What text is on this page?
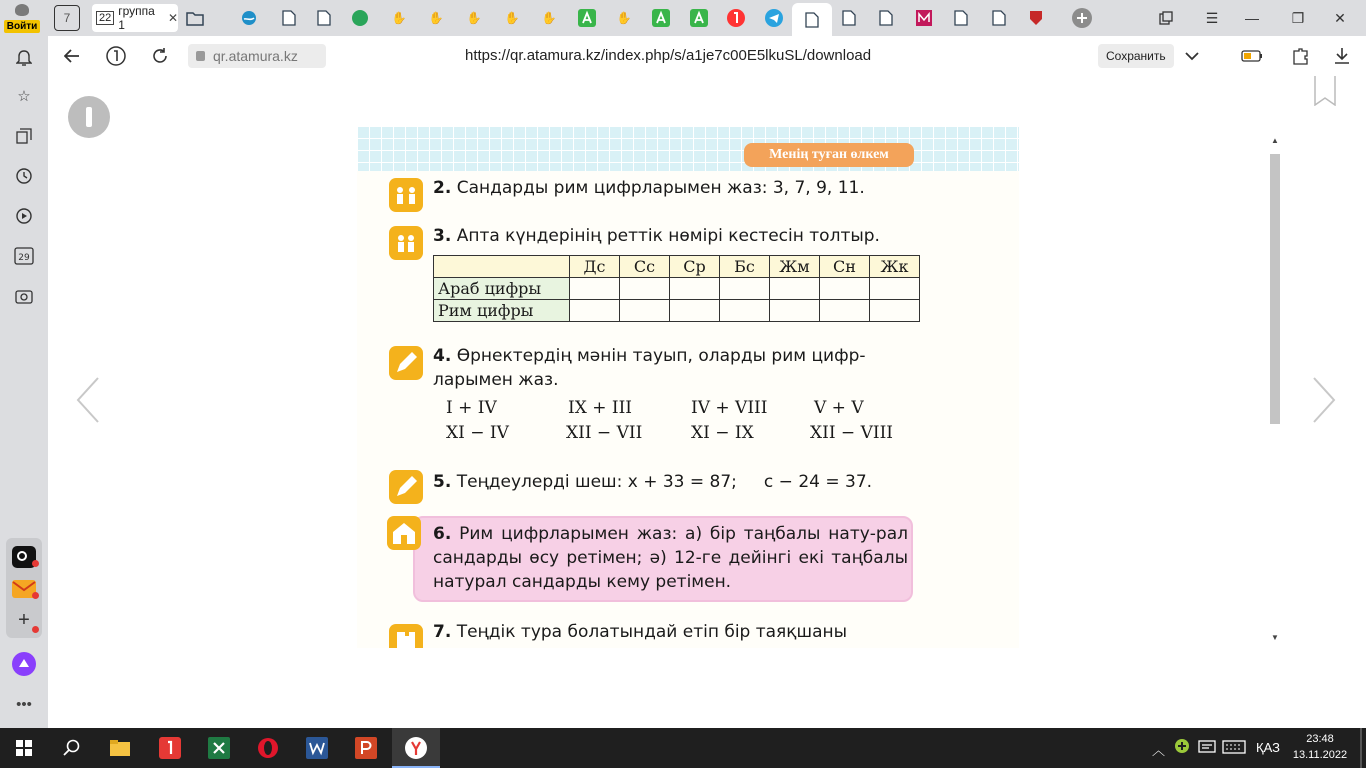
Войти
7	22 группа 1	✕	✋ ✋ ✋ ✋ ✋	✋	☰	—	❐	✕
☆
29
+
•••
qr.atamura.kz	https://qr.atamura.kz/index.php/s/a1je7c00E5lkuSL/download	Сохранить
▲
▼
Менің туған өлкем
2. Сандарды рим цифрларымен жаз: 3, 7, 9, 11.
3. Апта күндерінің реттік нөмірі кестесін толтыр.
	Дс	Сс	Ср	Бс	Жм	Сн	Жк
Араб цифры							
Рим цифры							
4. Өрнектердің мәнін тауып, оларды рим цифр-
ларымен жаз.
I + IV	IX + III	IV + VIII	V + V
XI − IV	XII − VII	XI − IX	XII − VIII
5. Теңдеулерді шеш: x + 33 = 87;     c − 24 = 37.
6. Рим цифрларымен жаз: а) бір таңбалы нату-рал сандарды өсу ретімен; ә) 12-ге дейінгі екі таңбалы натурал сандарды кему ретімен.
7. Теңдік тура болатындай етіп бір таяқшаны
︿	ҚАЗ
23:48
13.11.2022
